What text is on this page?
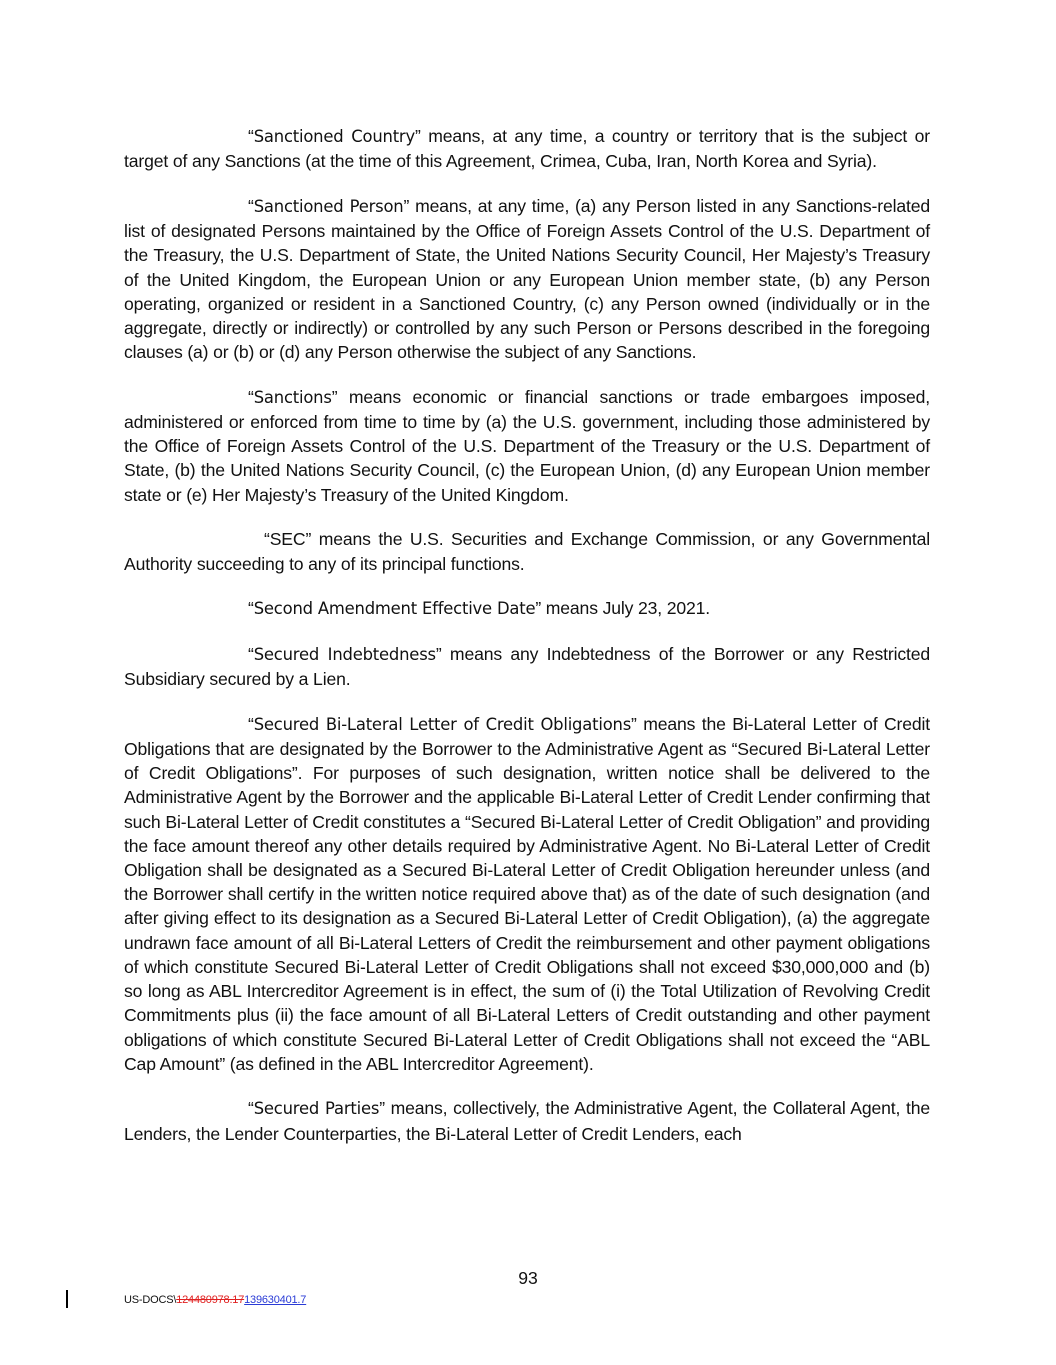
“Sanctioned Country” means, at any time, a country or territory that is the subject or target of any Sanctions (at the time of this Agreement, Crimea, Cuba, Iran, North Korea and Syria).

“Sanctioned Person” means, at any time, (a) any Person listed in any Sanctions-related list of designated Persons maintained by the Office of Foreign Assets Control of the U.S. Department of the Treasury, the U.S. Department of State, the United Nations Security Council, Her Majesty’s Treasury of the United Kingdom, the European Union or any European Union member state, (b) any Person operating, organized or resident in a Sanctioned Country, (c) any Person owned (individually or in the aggregate, directly or indirectly) or controlled by any such Person or Persons described in the foregoing clauses (a) or (b) or (d) any Person otherwise the subject of any Sanctions.

“Sanctions” means economic or financial sanctions or trade embargoes imposed, administered or enforced from time to time by (a) the U.S. government, including those administered by the Office of Foreign Assets Control of the U.S. Department of the Treasury or the U.S. Department of State, (b) the United Nations Security Council, (c) the European Union, (d) any European Union member state or (e) Her Majesty’s Treasury of the United Kingdom.

“SEC” means the U.S. Securities and Exchange Commission, or any Governmental Authority succeeding to any of its principal functions.

“Second Amendment Effective Date” means July 23, 2021.

“Secured Indebtedness” means any Indebtedness of the Borrower or any Restricted Subsidiary secured by a Lien.

“Secured Bi-Lateral Letter of Credit Obligations” means the Bi-Lateral Letter of Credit Obligations that are designated by the Borrower to the Administrative Agent as “Secured Bi-Lateral Letter of Credit Obligations”. For purposes of such designation, written notice shall be delivered to the Administrative Agent by the Borrower and the applicable Bi-Lateral Letter of Credit Lender confirming that such Bi-Lateral Letter of Credit constitutes a “Secured Bi-Lateral Letter of Credit Obligation” and providing the face amount thereof any other details required by Administrative Agent. No Bi-Lateral Letter of Credit Obligation shall be designated as a Secured Bi-Lateral Letter of Credit Obligation hereunder unless (and the Borrower shall certify in the written notice required above that) as of the date of such designation (and after giving effect to its designation as a Secured Bi-Lateral Letter of Credit Obligation), (a) the aggregate undrawn face amount of all Bi-Lateral Letters of Credit the reimbursement and other payment obligations of which constitute Secured Bi-Lateral Letter of Credit Obligations shall not exceed $30,000,000 and (b) so long as ABL Intercreditor Agreement is in effect, the sum of (i) the Total Utilization of Revolving Credit Commitments plus (ii) the face amount of all Bi-Lateral Letters of Credit outstanding and other payment obligations of which constitute Secured Bi-Lateral Letter of Credit Obligations shall not exceed the “ABL Cap Amount” (as defined in the ABL Intercreditor Agreement).

“Secured Parties” means, collectively, the Administrative Agent, the Collateral Agent, the Lenders, the Lender Counterparties, the Bi-Lateral Letter of Credit Lenders, each

93
US-DOCS\124480978.17139630401.7
